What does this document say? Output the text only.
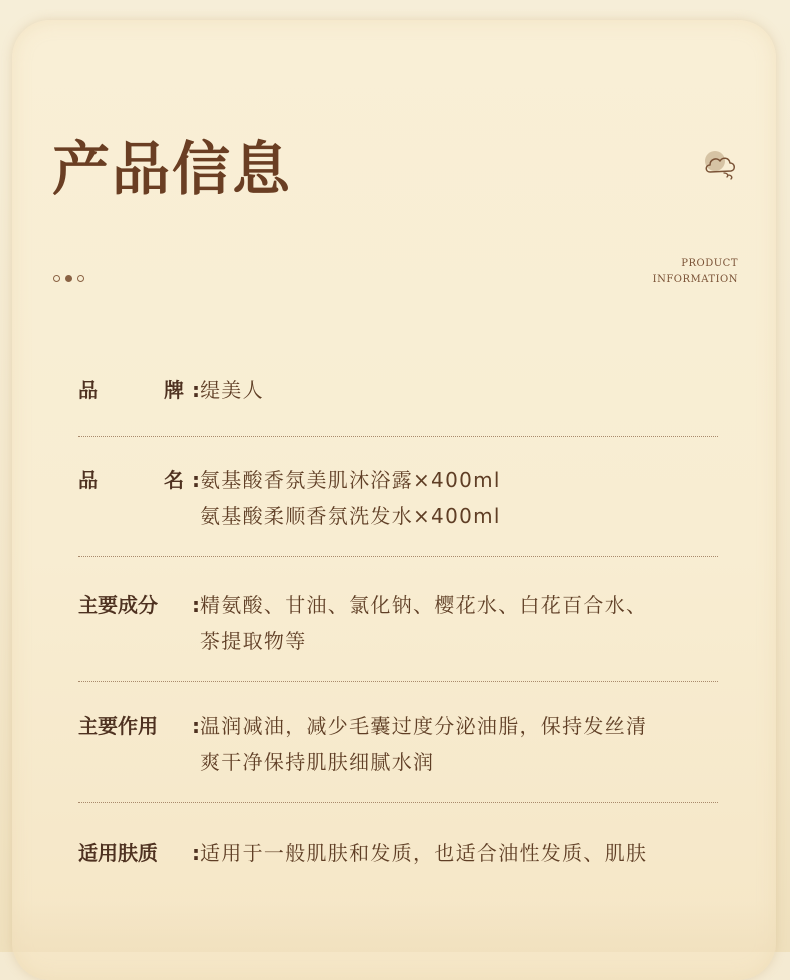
产品信息
PRODUCT
INFORMATION
品	牌 : 缇美人
品	名 : 氨基酸香氛美肌沐浴露×400ml
氨基酸柔顺香氛洗发水×400ml
主要成分 : 精氨酸、甘油、氯化钠、樱花水、白花百合水、
茶提取物等
主要作用 : 温润减油，减少毛囊过度分泌油脂，保持发丝清
爽干净保持肌肤细腻水润
适用肤质 : 适用于一般肌肤和发质，也适合油性发质、肌肤
